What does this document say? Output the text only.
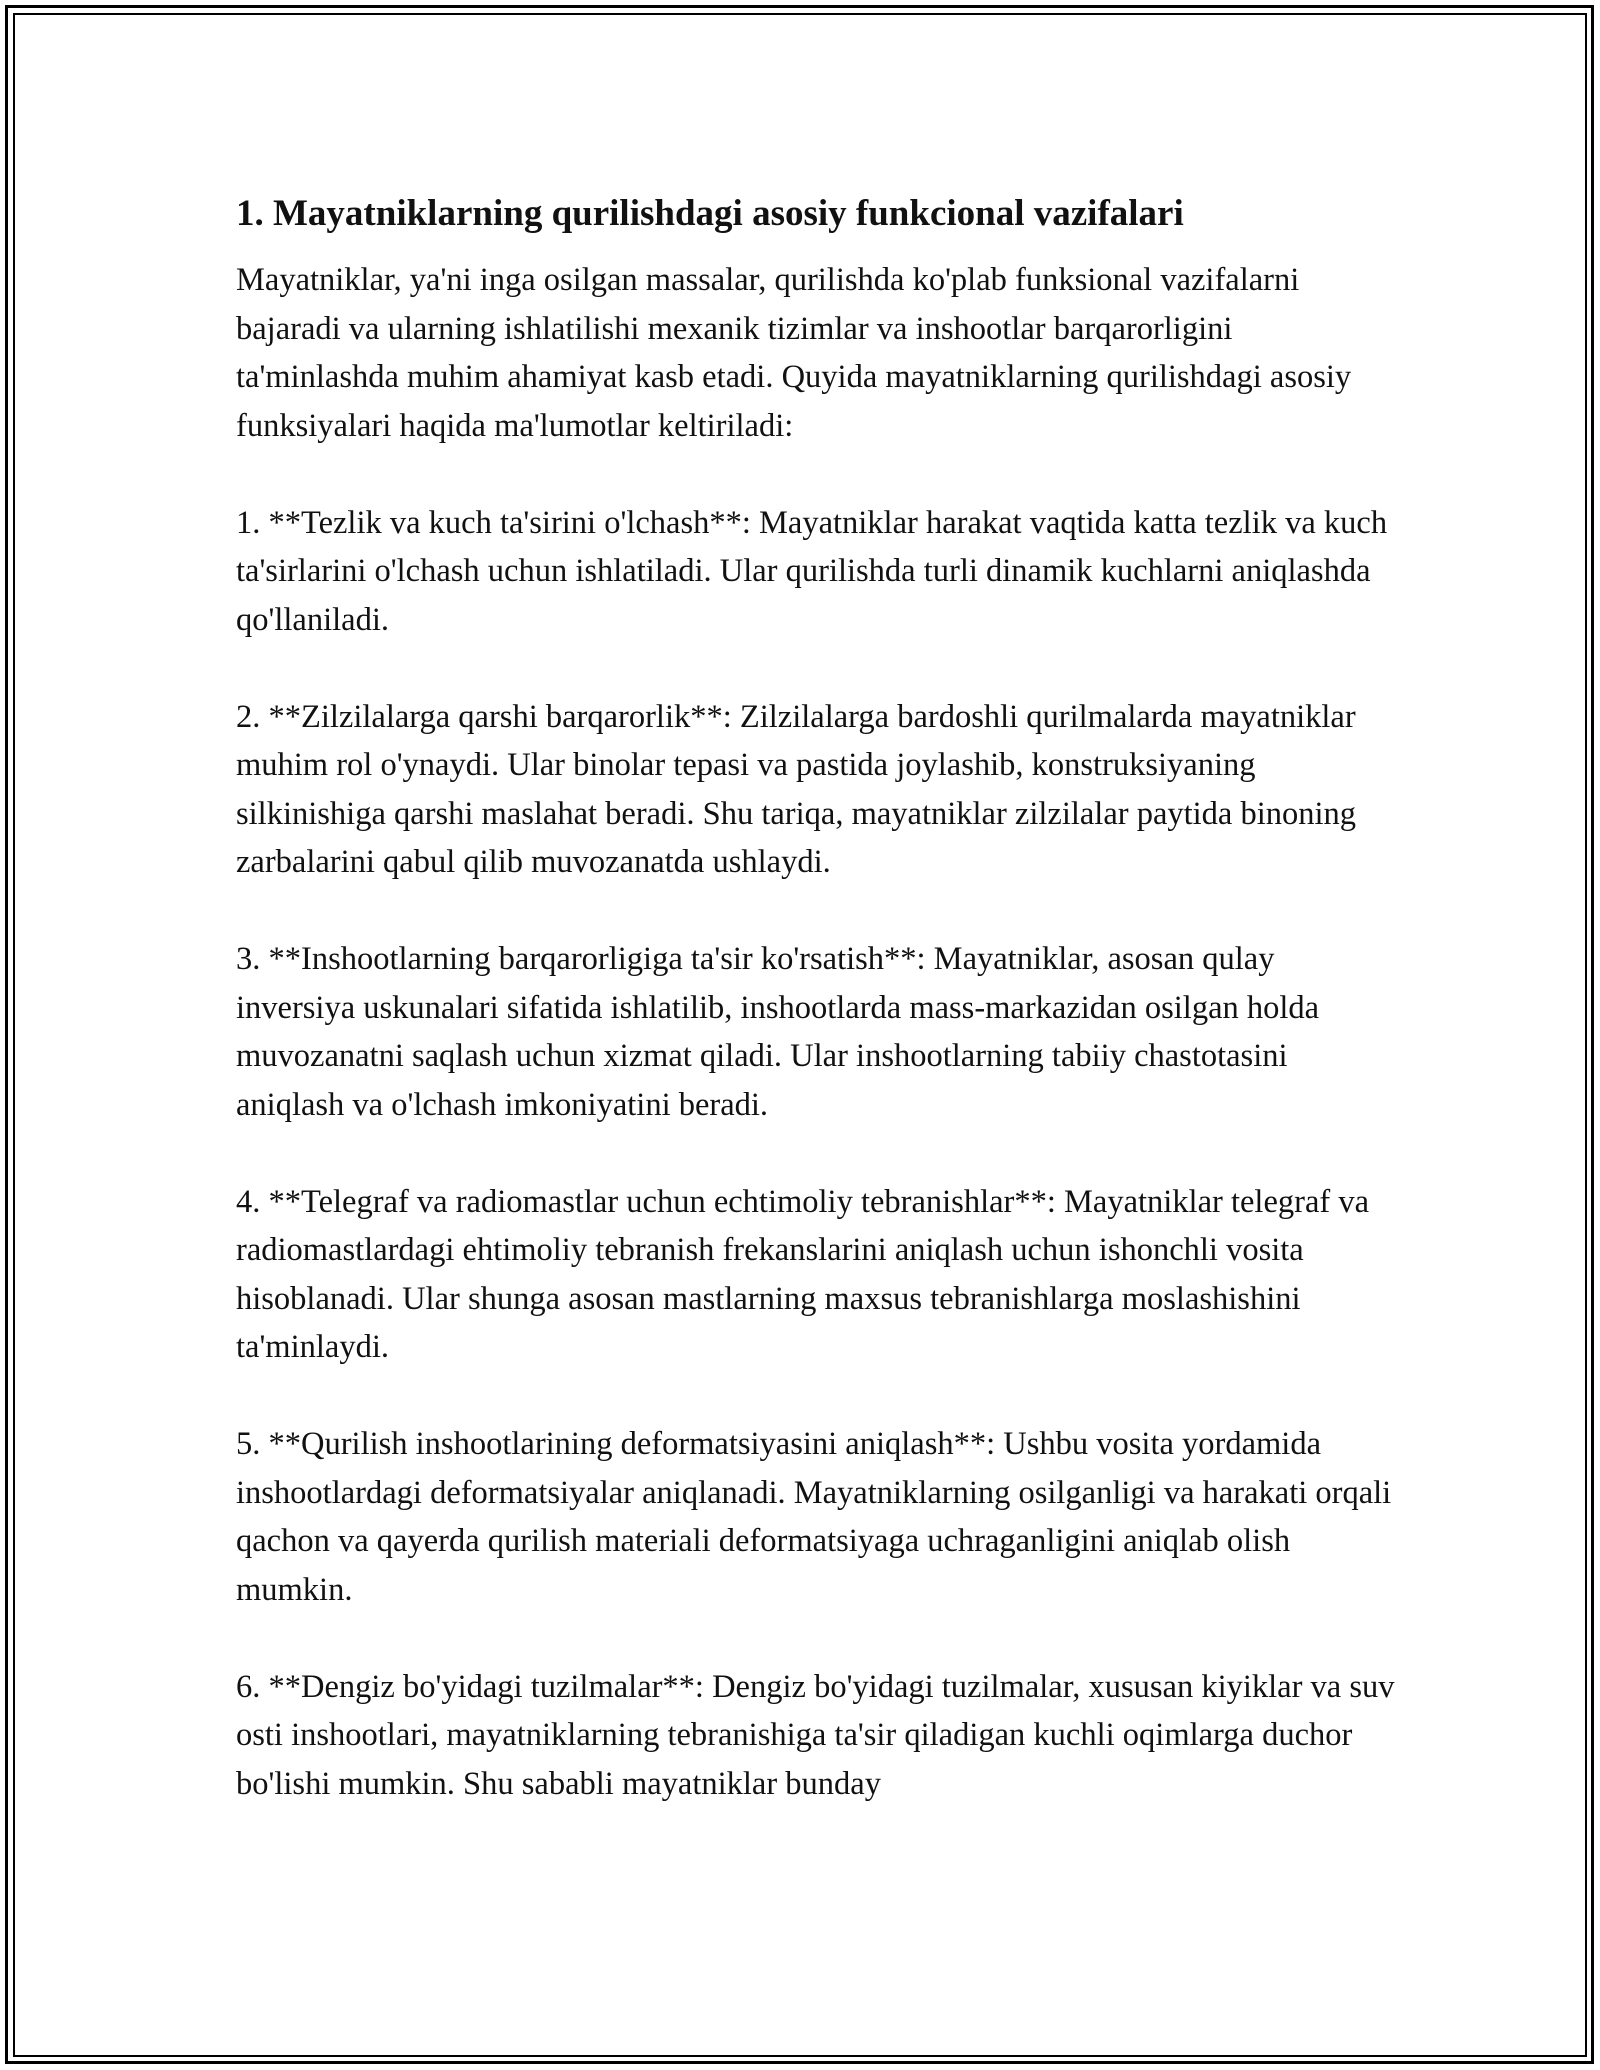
1. Mayatniklarning qurilishdagi asosiy funkcional vazifalari

Mayatniklar, ya'ni inga osilgan massalar, qurilishda ko'plab funksional vazifalarni bajaradi va ularning ishlatilishi mexanik tizimlar va inshootlar barqarorligini ta'minlashda muhim ahamiyat kasb etadi. Quyida mayatniklarning qurilishdagi asosiy funksiyalari haqida ma'lumotlar keltiriladi:

1. **Tezlik va kuch ta'sirini o'lchash**: Mayatniklar harakat vaqtida katta tezlik va kuch ta'sirlarini o'lchash uchun ishlatiladi. Ular qurilishda turli dinamik kuchlarni aniqlashda qo'llaniladi.

2. **Zilzilalarga qarshi barqarorlik**: Zilzilalarga bardoshli qurilmalarda mayatniklar muhim rol o'ynaydi. Ular binolar tepasi va pastida joylashib, konstruksiyaning silkinishiga qarshi maslahat beradi. Shu tariqa, mayatniklar zilzilalar paytida binoning zarbalarini qabul qilib muvozanatda ushlaydi.

3. **Inshootlarning barqarorligiga ta'sir ko'rsatish**: Mayatniklar, asosan qulay inversiya uskunalari sifatida ishlatilib, inshootlarda mass-markazidan osilgan holda muvozanatni saqlash uchun xizmat qiladi. Ular inshootlarning tabiiy chastotasini aniqlash va o'lchash imkoniyatini beradi.

4. **Telegraf va radiomastlar uchun echtimoliy tebranishlar**: Mayatniklar telegraf va radiomastlardagi ehtimoliy tebranish frekanslarini aniqlash uchun ishonchli vosita hisoblanadi. Ular shunga asosan mastlarning maxsus tebranishlarga moslashishini ta'minlaydi.

5. **Qurilish inshootlarining deformatsiyasini aniqlash**: Ushbu vosita yordamida inshootlardagi deformatsiyalar aniqlanadi. Mayatniklarning osilganligi va harakati orqali qachon va qayerda qurilish materiali deformatsiyaga uchraganligini aniqlab olish mumkin.

6. **Dengiz bo'yidagi tuzilmalar**: Dengiz bo'yidagi tuzilmalar, xususan kiyiklar va suv osti inshootlari, mayatniklarning tebranishiga ta'sir qiladigan kuchli oqimlarga duchor bo'lishi mumkin. Shu sababli mayatniklar bunday
